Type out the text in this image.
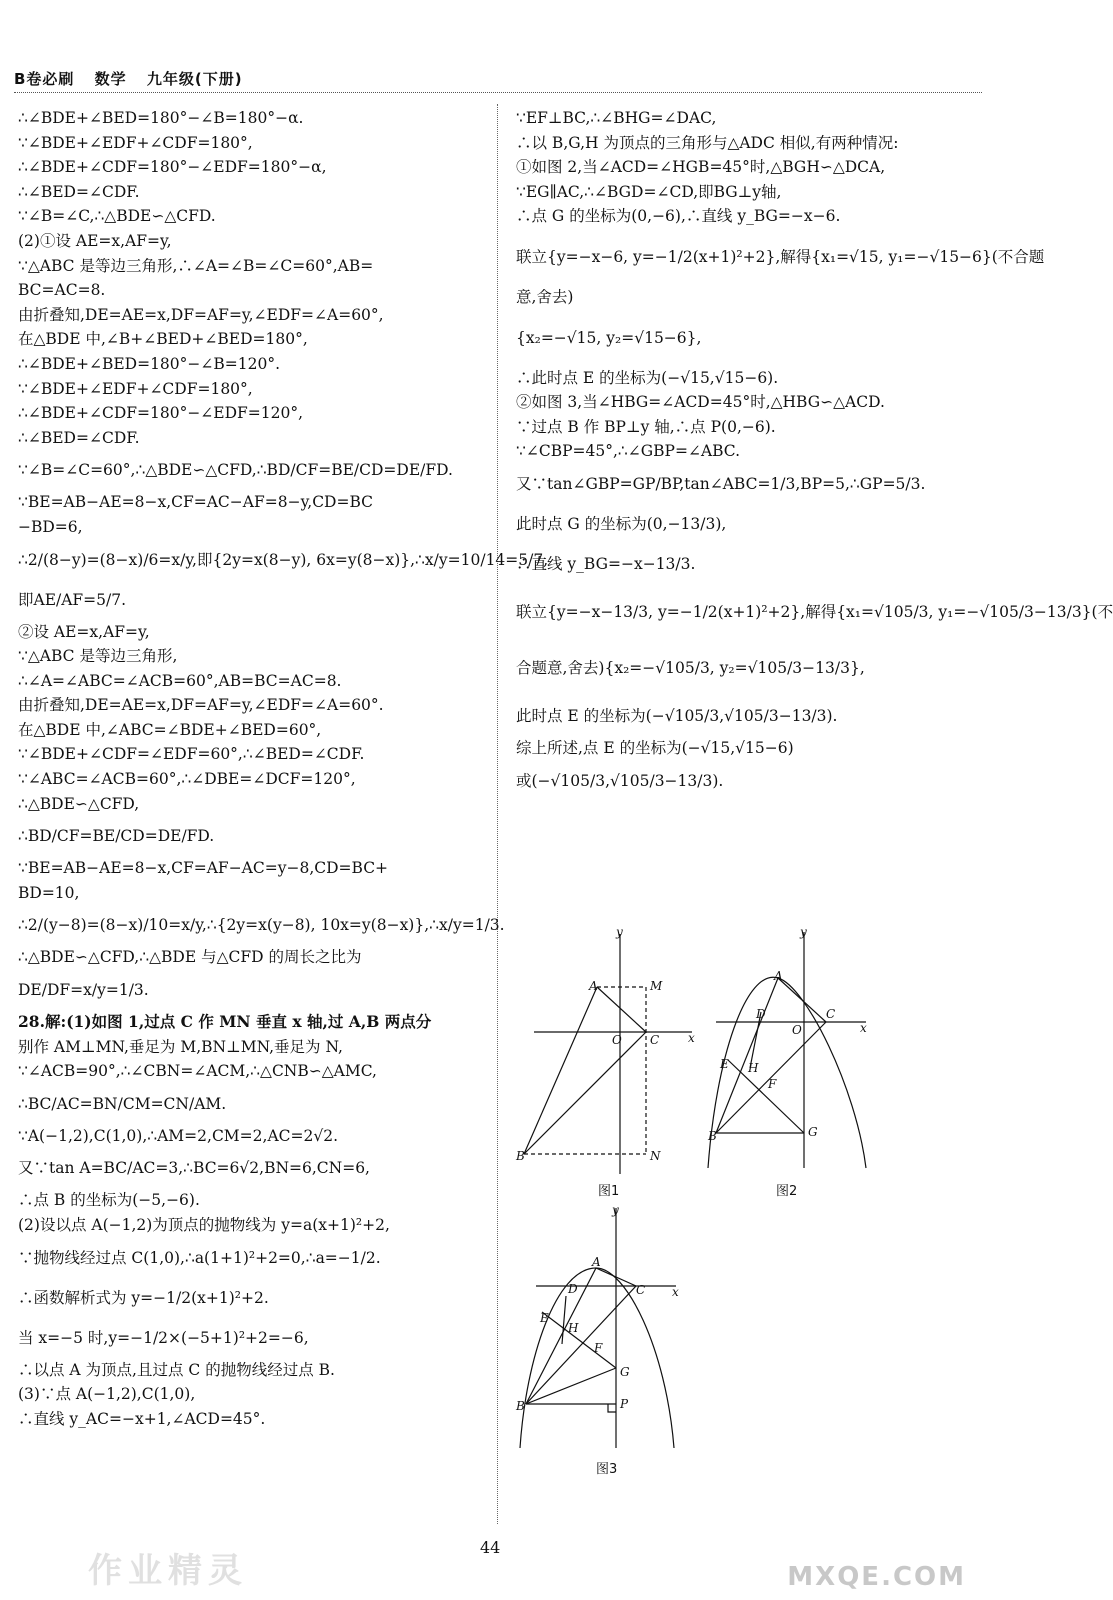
B卷必刷 数学 九年级(下册)
∴∠BDE+∠BED=180°−∠B=180°−α.
∵∠BDE+∠EDF+∠CDF=180°,
∴∠BDE+∠CDF=180°−∠EDF=180°−α,
∴∠BED=∠CDF.
∵∠B=∠C,∴△BDE∽△CFD.
(2)①设 AE=x,AF=y,
∵△ABC 是等边三角形,∴∠A=∠B=∠C=60°,AB=
BC=AC=8.
由折叠知,DE=AE=x,DF=AF=y,∠EDF=∠A=60°,
在△BDE 中,∠B+∠BED+∠BED=180°,
∴∠BDE+∠BED=180°−∠B=120°.
∵∠BDE+∠EDF+∠CDF=180°,
∴∠BDE+∠CDF=180°−∠EDF=120°,
∴∠BED=∠CDF.
∵∠B=∠C=60°,∴△BDE∽△CFD,∴BD/CF=BE/CD=DE/FD.
∵BE=AB−AE=8−x,CF=AC−AF=8−y,CD=BC
−BD=6,
∴2/(8−y)=(8−x)/6=x/y,即{2y=x(8−y), 6x=y(8−x)},∴x/y=10/14=5/7,
即AE/AF=5/7.
②设 AE=x,AF=y,
∵△ABC 是等边三角形,
∴∠A=∠ABC=∠ACB=60°,AB=BC=AC=8.
由折叠知,DE=AE=x,DF=AF=y,∠EDF=∠A=60°.
在△BDE 中,∠ABC=∠BDE+∠BED=60°,
∵∠BDE+∠CDF=∠EDF=60°,∴∠BED=∠CDF.
∵∠ABC=∠ACB=60°,∴∠DBE=∠DCF=120°,
∴△BDE∽△CFD,
∴BD/CF=BE/CD=DE/FD.
∵BE=AB−AE=8−x,CF=AF−AC=y−8,CD=BC+
BD=10,
∴2/(y−8)=(8−x)/10=x/y,∴{2y=x(y−8), 10x=y(8−x)},∴x/y=1/3.
∴△BDE∽△CFD,∴△BDE 与△CFD 的周长之比为
DE/DF=x/y=1/3.
28.解:(1)如图 1,过点 C 作 MN 垂直 x 轴,过 A,B 两点分
别作 AM⊥MN,垂足为 M,BN⊥MN,垂足为 N,
∵∠ACB=90°,∴∠CBN=∠ACM,∴△CNB∽△AMC,
∴BC/AC=BN/CM=CN/AM.
∵A(−1,2),C(1,0),∴AM=2,CM=2,AC=2√2.
又∵tan A=BC/AC=3,∴BC=6√2,BN=6,CN=6,
∴点 B 的坐标为(−5,−6).
(2)设以点 A(−1,2)为顶点的抛物线为 y=a(x+1)²+2,
∵抛物线经过点 C(1,0),∴a(1+1)²+2=0,∴a=−1/2.
∴函数解析式为 y=−1/2(x+1)²+2.
当 x=−5 时,y=−1/2×(−5+1)²+2=−6,
∴以点 A 为顶点,且过点 C 的抛物线经过点 B.
(3)∵点 A(−1,2),C(1,0),
∴直线 y_AC=−x+1,∠ACD=45°.
∵EF⊥BC,∴∠BHG=∠DAC,
∴以 B,G,H 为顶点的三角形与△ADC 相似,有两种情况:
①如图 2,当∠ACD=∠HGB=45°时,△BGH∽△DCA,
∵EG∥AC,∴∠BGD=∠CD,即BG⊥y轴,
∴点 G 的坐标为(0,−6),∴直线 y_BG=−x−6.
联立{y=−x−6, y=−1/2(x+1)²+2},解得{x₁=√15, y₁=−√15−6}(不合题
意,舍去)
{x₂=−√15, y₂=√15−6},
∴此时点 E 的坐标为(−√15,√15−6).
②如图 3,当∠HBG=∠ACD=45°时,△HBG∽△ACD.
∵过点 B 作 BP⊥y 轴,∴点 P(0,−6).
∵∠CBP=45°,∴∠GBP=∠ABC.
又∵tan∠GBP=GP/BP,tan∠ABC=1/3,BP=5,∴GP=5/3.
此时点 G 的坐标为(0,−13/3),
∴直线 y_BG=−x−13/3.
联立{y=−x−13/3, y=−1/2(x+1)²+2},解得{x₁=√105/3, y₁=−√105/3−13/3}(不
合题意,舍去){x₂=−√105/3, y₂=√105/3−13/3},
此时点 E 的坐标为(−√105/3,√105/3−13/3).
综上所述,点 E 的坐标为(−√15,√15−6)
或(−√105/3,√105/3−13/3).
y
x
A	M
O C
B	N
y
x
A
D
O
C
E H
F
B	G
y
x
A
D	C
E
H
F
G
P
B
图1	图2
图3
44
MXQE.COM
作业精灵
